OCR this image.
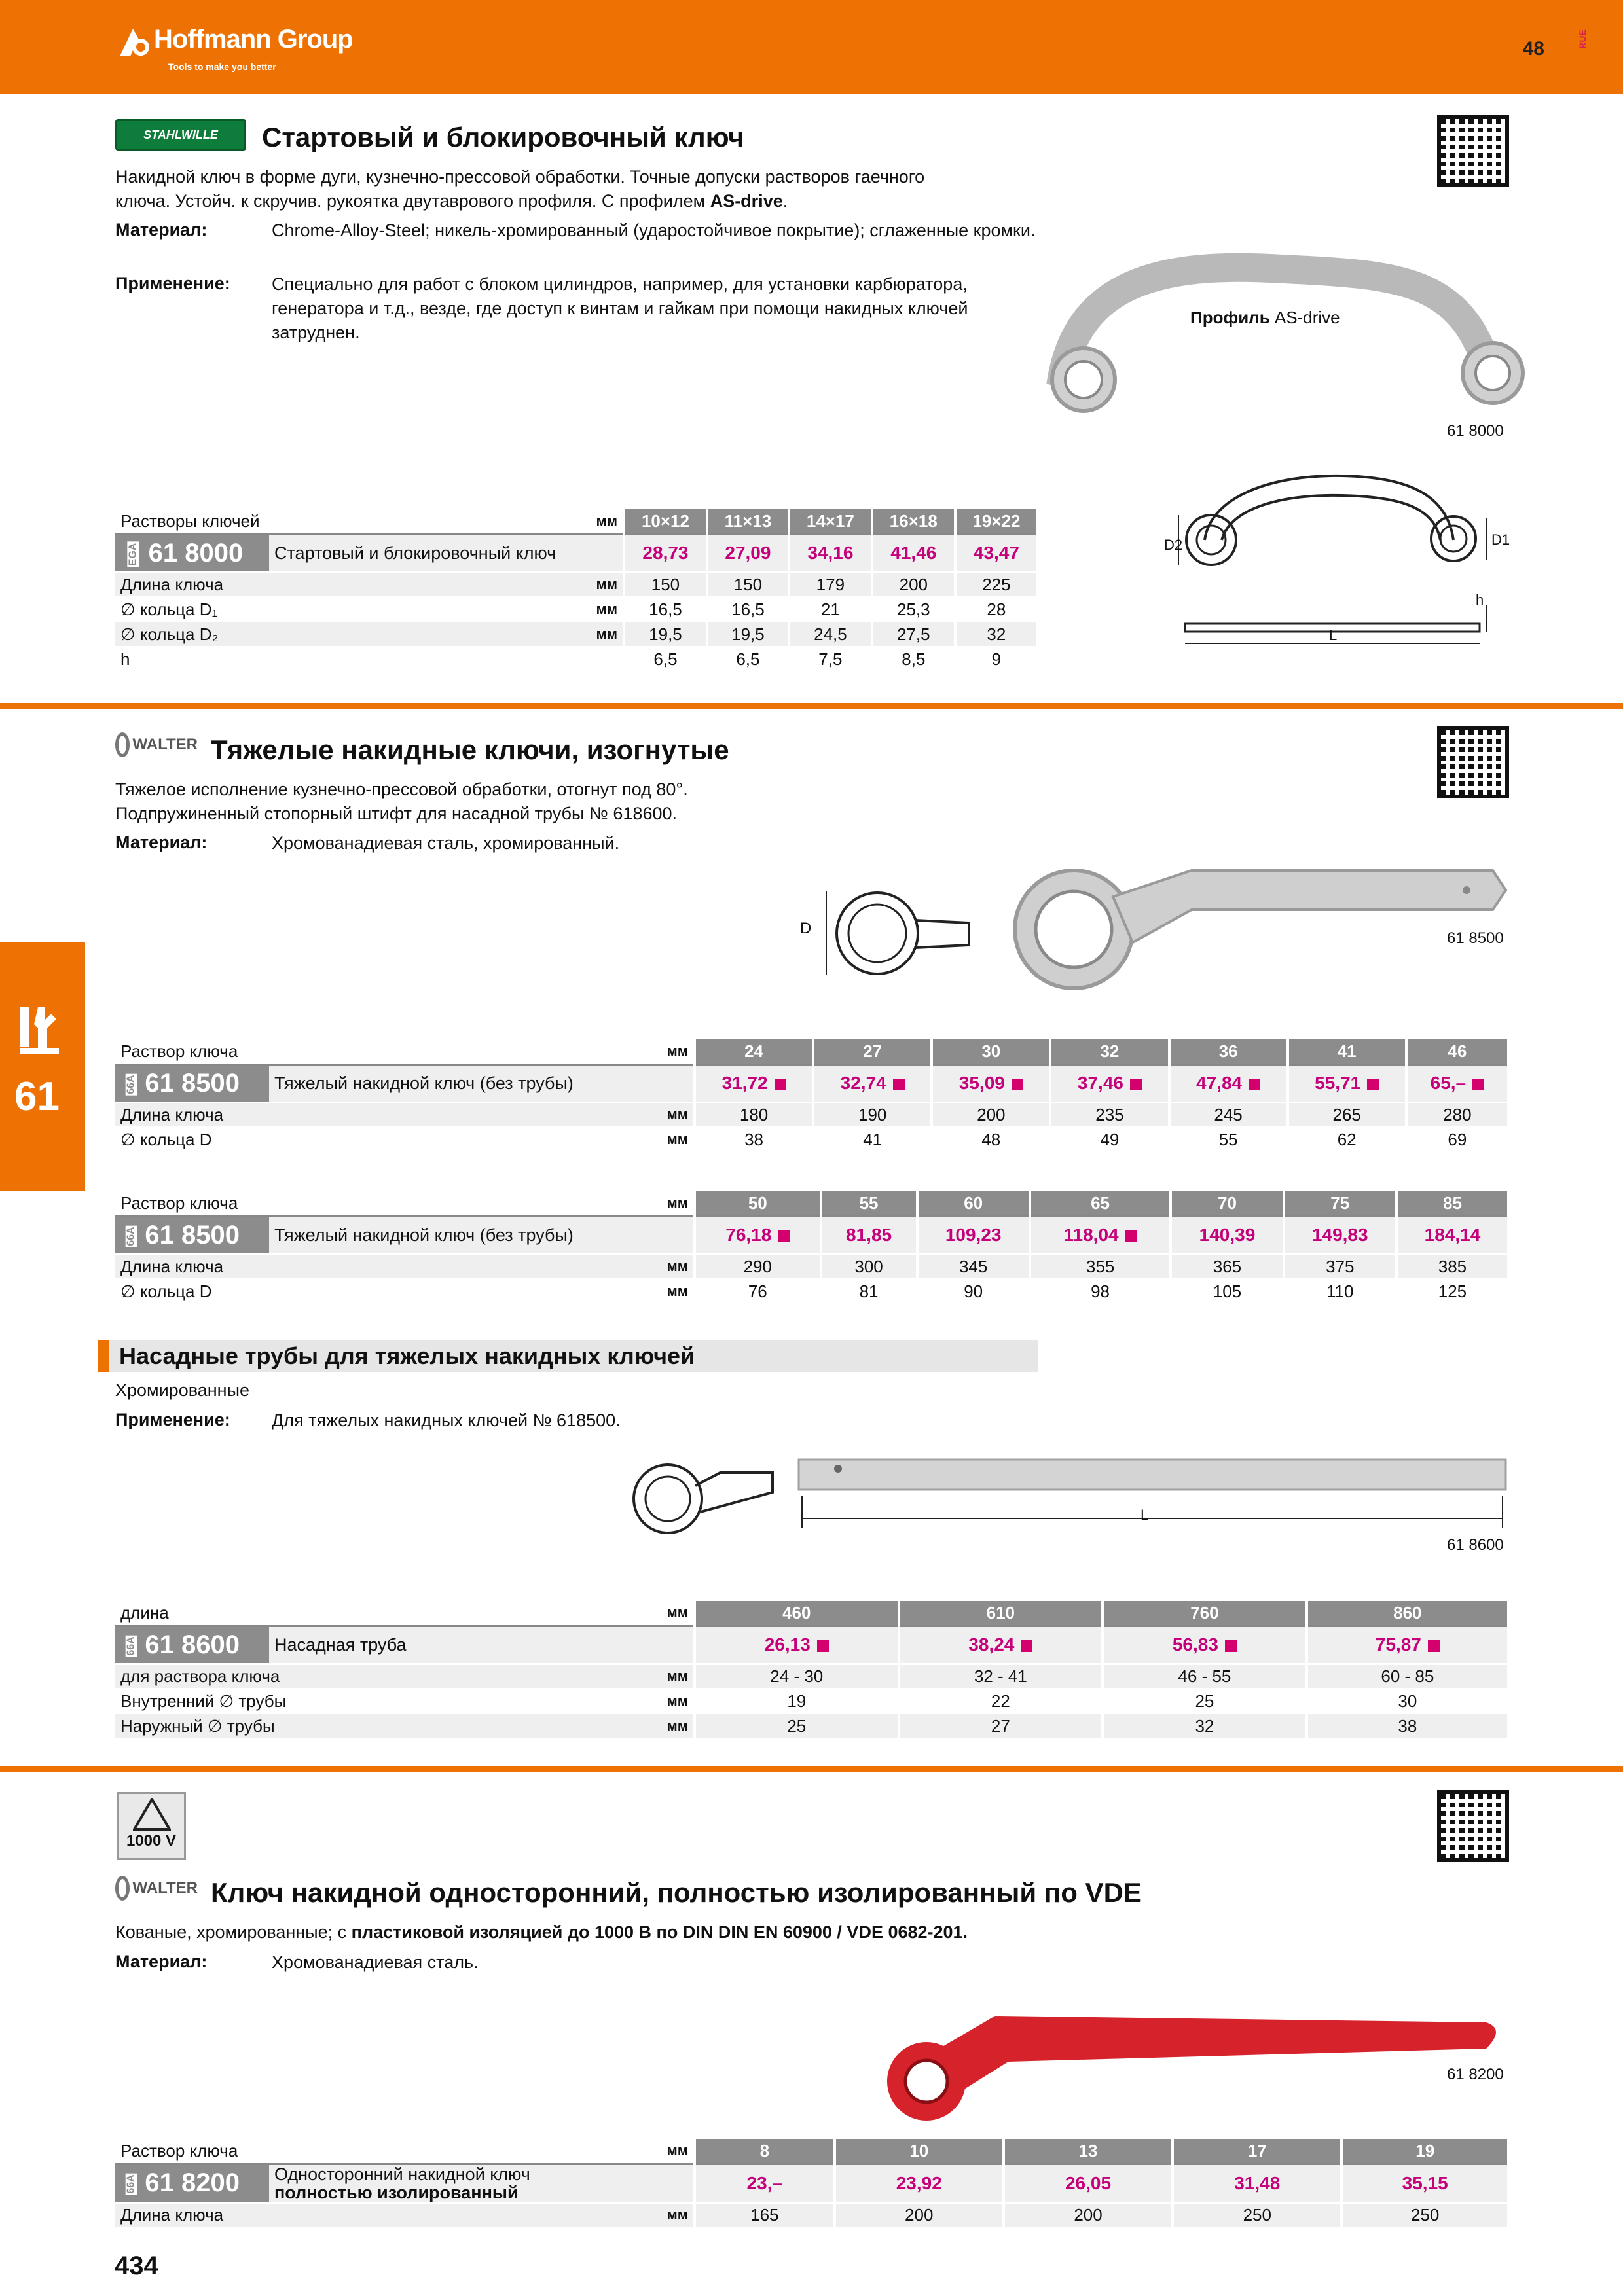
Hoffmann Group
Tools to make you better
48	RUE
61
STAHLWILLE	Стартовый и блокировочный ключ
Накидной ключ в форме дуги, кузнечно-прессовой обработки. Точные допуски растворов гаечного
ключа. Устойч. к скручив. рукоятка двутаврового профиля. С профилем AS-drive.
Материал:	Chrome-Alloy-Steel; никель-хромированный (ударостойчивое покрытие); сглаженные кромки.
Применение: Специально для работ с блоком цилиндров, например, для установки карбюратора, генератора и т.д., везде, где доступ к винтам и гайкам при помощи накидных ключей затруднен.
Профиль AS-drive
61 8000
D2	D1
h
L
Растворы ключей		мм	10×12	11×13	14×17	16×18	19×22
EGA 61 8000	Стартовый и блокировочный ключ		28,73	27,09	34,16	41,46	43,47
Длина ключа		мм	150	150	179	200	225
∅ кольца D₁		мм	16,5	16,5	21	25,3	28
∅ кольца D₂		мм	19,5	19,5	24,5	27,5	32
h			6,5	6,5	7,5	8,5	9
WALTER Тяжелые накидные ключи, изогнутые
Тяжелое исполнение кузнечно-прессовой обработки, отогнут под 80°.
Подпружиненный стопорный штифт для насадной трубы № 618600.
Материал:	Хромованадиевая сталь, хромированный.
D
61 8500
Раствор ключа		мм	24	27	30	32	36	41	46
66A 61 8500	Тяжелый накидной ключ (без трубы)		31,72	32,74	35,09	37,46	47,84	55,71	65,–
Длина ключа		мм	180	190	200	235	245	265	280
∅ кольца D		мм	38	41	48	49	55	62	69
Раствор ключа		мм	50	55	60	65	70	75	85
66A 61 8500	Тяжелый накидной ключ (без трубы)		76,18	81,85	109,23	118,04	140,39	149,83	184,14
Длина ключа		мм	290	300	345	355	365	375	385
∅ кольца D		мм	76	81	90	98	105	110	125
Насадные трубы для тяжелых накидных ключей
Хромированные
Применение: Для тяжелых накидных ключей № 618500.
L
61 8600
длина		мм	460	610	760	860
66A 61 8600	Насадная труба		26,13	38,24	56,83	75,87
для раствора ключа		мм	24 - 30	32 - 41	46 - 55	60 - 85
Внутренний ∅ трубы		мм	19	22	25	30
Наружный ∅ трубы		мм	25	27	32	38
1000 V
WALTER Ключ накидной односторонний, полностью изолированный по VDE
Кованые, хромированные; с пластиковой изоляцией до 1000 В по DIN DIN EN 60900 / VDE 0682-201.
Материал:	Хромованадиевая сталь.
61 8200
Раствор ключа		мм	8	10	13	17	19
66A 61 8200	Односторонний накидной ключ
полностью изолированный		23,–	23,92	26,05	31,48	35,15
Длина ключа		мм	165	200	200	250	250
434
